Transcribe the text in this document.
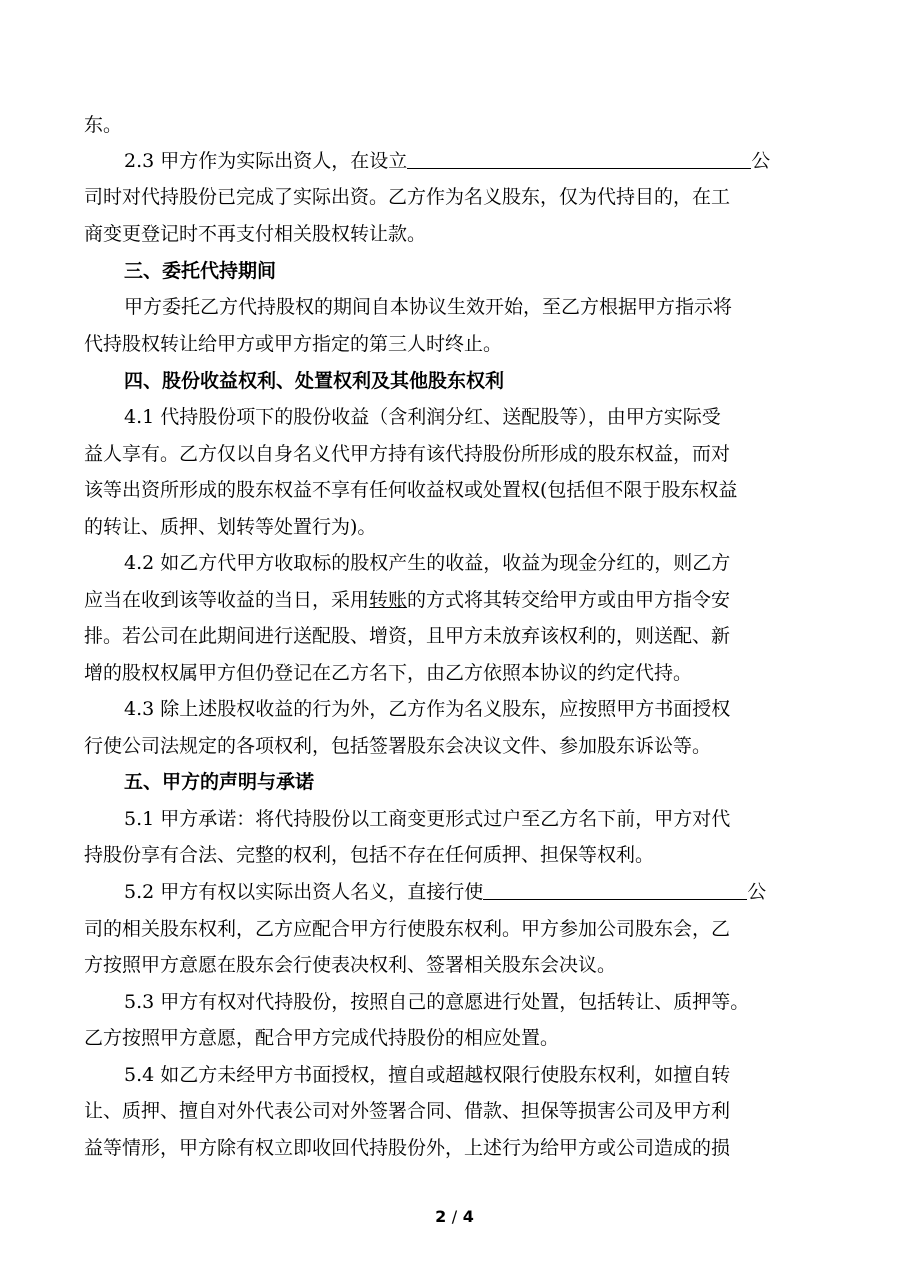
东。
2.3 甲方作为实际出资人，在设立	公
司时对代持股份已完成了实际出资。乙方作为名义股东，仅为代持目的，在工
商变更登记时不再支付相关股权转让款。
三、委托代持期间
甲方委托乙方代持股权的期间自本协议生效开始，至乙方根据甲方指示将
代持股权转让给甲方或甲方指定的第三人时终止。
四、股份收益权利、处置权利及其他股东权利
4.1 代持股份项下的股份收益（含利润分红、送配股等），由甲方实际受
益人享有。乙方仅以自身名义代甲方持有该代持股份所形成的股东权益，而对
该等出资所形成的股东权益不享有任何收益权或处置权(包括但不限于股东权益
的转让、质押、划转等处置行为)。
4.2 如乙方代甲方收取标的股权产生的收益，收益为现金分红的，则乙方
应当在收到该等收益的当日，采用转账的方式将其转交给甲方或由甲方指令安
排。若公司在此期间进行送配股、增资，且甲方未放弃该权利的，则送配、新
增的股权权属甲方但仍登记在乙方名下，由乙方依照本协议的约定代持。
4.3 除上述股权收益的行为外，乙方作为名义股东，应按照甲方书面授权
行使公司法规定的各项权利，包括签署股东会决议文件、参加股东诉讼等。
五、甲方的声明与承诺
5.1 甲方承诺：将代持股份以工商变更形式过户至乙方名下前，甲方对代
持股份享有合法、完整的权利，包括不存在任何质押、担保等权利。
5.2 甲方有权以实际出资人名义，直接行使	公
司的相关股东权利，乙方应配合甲方行使股东权利。甲方参加公司股东会，乙
方按照甲方意愿在股东会行使表决权利、签署相关股东会决议。
5.3 甲方有权对代持股份，按照自己的意愿进行处置，包括转让、质押等。
乙方按照甲方意愿，配合甲方完成代持股份的相应处置。
5.4 如乙方未经甲方书面授权，擅自或超越权限行使股东权利，如擅自转
让、质押、擅自对外代表公司对外签署合同、借款、担保等损害公司及甲方利
益等情形，甲方除有权立即收回代持股份外，上述行为给甲方或公司造成的损
2 / 4
